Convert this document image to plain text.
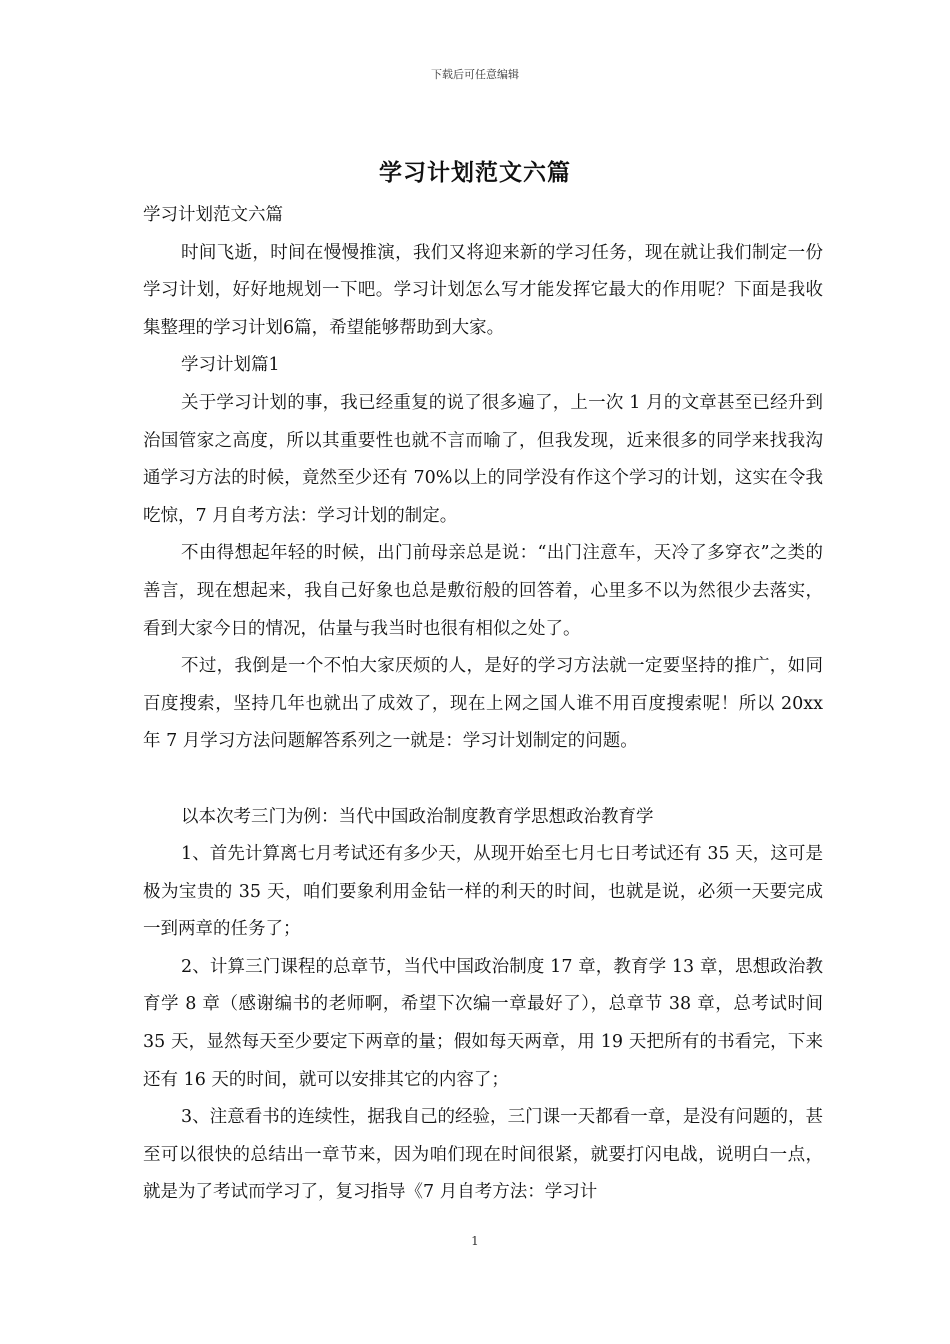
下载后可任意编辑
学习计划范文六篇

学习计划范文六篇

时间飞逝，时间在慢慢推演，我们又将迎来新的学习任务，现在就让我们制定一份学习计划，好好地规划一下吧。学习计划怎么写才能发挥它最大的作用呢？下面是我收集整理的学习计划6篇，希望能够帮助到大家。

学习计划篇1

关于学习计划的事，我已经重复的说了很多遍了，上一次 1 月的文章甚至已经升到治国管家之高度，所以其重要性也就不言而喻了，但我发现，近来很多的同学来找我沟通学习方法的时候，竟然至少还有 70%以上的同学没有作这个学习的计划，这实在令我吃惊，7 月自考方法：学习计划的制定。

不由得想起年轻的时候，出门前母亲总是说：“出门注意车，天冷了多穿衣”之类的善言，现在想起来，我自己好象也总是敷衍般的回答着，心里多不以为然很少去落实，看到大家今日的情况，估量与我当时也很有相似之处了。

不过，我倒是一个不怕大家厌烦的人，是好的学习方法就一定要坚持的推广，如同百度搜索，坚持几年也就出了成效了，现在上网之国人谁不用百度搜索呢！所以 20xx 年 7 月学习方法问题解答系列之一就是：学习计划制定的问题。

以本次考三门为例：当代中国政治制度教育学思想政治教育学

1、首先计算离七月考试还有多少天，从现开始至七月七日考试还有 35 天，这可是极为宝贵的 35 天，咱们要象利用金钻一样的利天的时间，也就是说，必须一天要完成一到两章的任务了；

2、计算三门课程的总章节，当代中国政治制度 17 章，教育学 13 章，思想政治教育学 8 章（感谢编书的老师啊，希望下次编一章最好了），总章节 38 章，总考试时间 35 天，显然每天至少要定下两章的量；假如每天两章，用 19 天把所有的书看完，下来还有 16 天的时间，就可以安排其它的内容了；

3、注意看书的连续性，据我自己的经验，三门课一天都看一章，是没有问题的，甚至可以很快的总结出一章节来，因为咱们现在时间很紧，就要打闪电战，说明白一点，就是为了考试而学习了，复习指导《7 月自考方法：学习计

1
